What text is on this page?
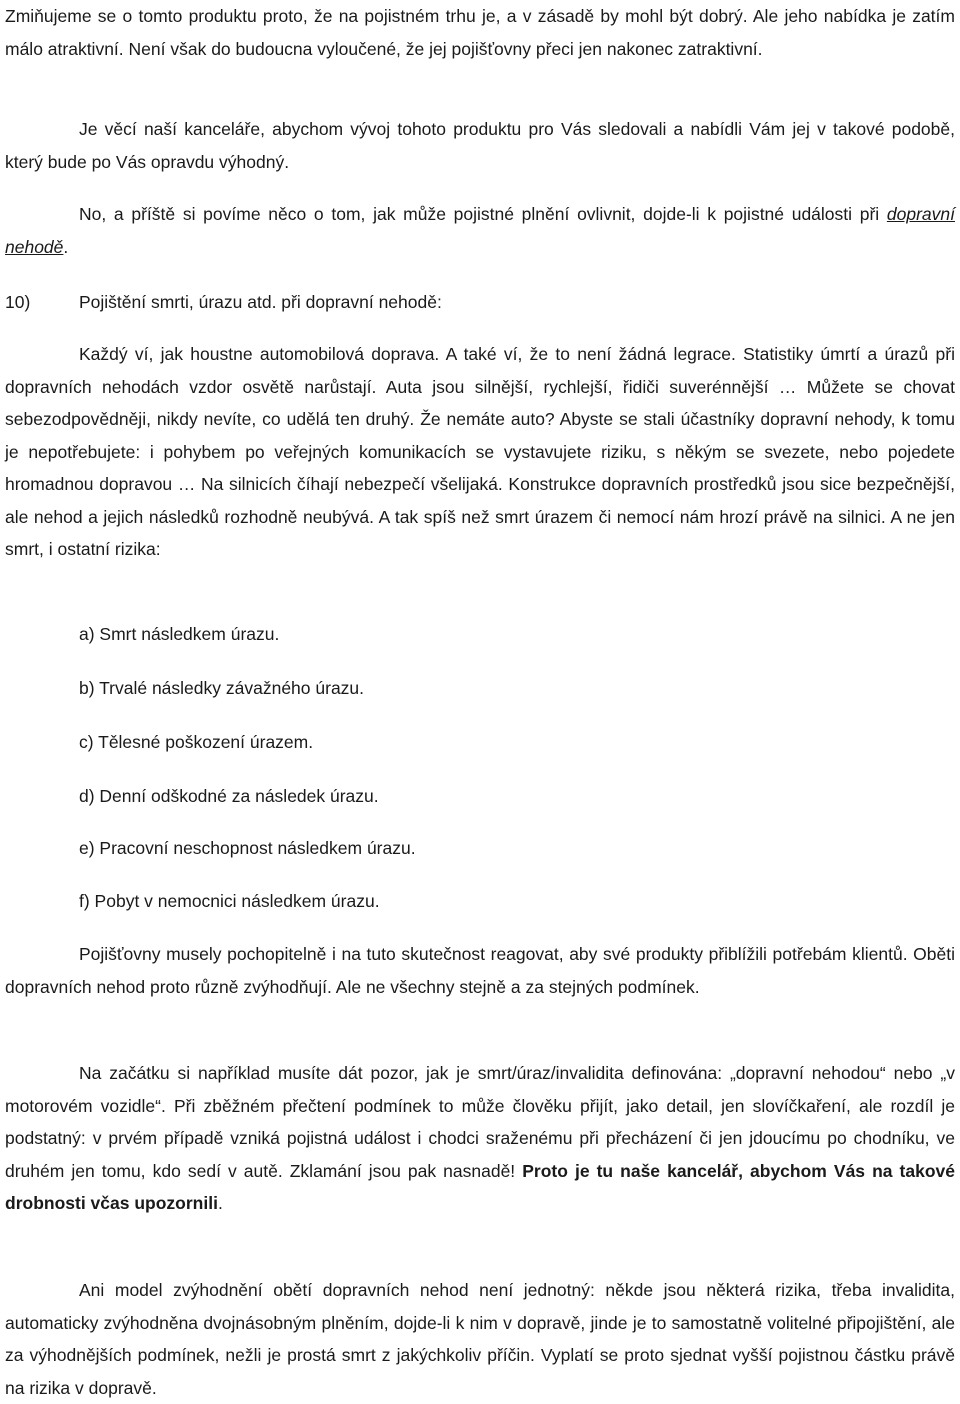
Zmiňujeme se o tomto produktu proto, že na pojistném trhu je, a v zásadě by mohl být dobrý. Ale jeho nabídka je zatím málo atraktivní. Není však do budoucna vyloučené, že jej pojišťovny přeci jen nakonec zatraktivní.

Je věcí naší kanceláře, abychom vývoj tohoto produktu pro Vás sledovali a nabídli Vám jej v takové podobě, který bude po Vás opravdu výhodný.

No, a příště si povíme něco o tom, jak může pojistné plnění ovlivnit, dojde-li k pojistné události při dopravní nehodě.

10)	Pojištění smrti, úrazu atd. při dopravní nehodě:

Každý ví, jak houstne automobilová doprava. A také ví, že to není žádná legrace. Statistiky úmrtí a úrazů při dopravních nehodách vzdor osvětě narůstají. Auta jsou silnější, rychlejší, řidiči suverénnější … Můžete se chovat sebezodpovědněji, nikdy nevíte, co udělá ten druhý. Že nemáte auto? Abyste se stali účastníky dopravní nehody, k tomu je nepotřebujete: i pohybem po veřejných komunikacích se vystavujete riziku, s někým se svezete, nebo pojedete hromadnou dopravou … Na silnicích číhají nebezpečí všelijaká. Konstrukce dopravních prostředků jsou sice bezpečnější, ale nehod a jejich následků rozhodně neubývá. A tak spíš než smrt úrazem či nemocí nám hrozí právě na silnici. A ne jen smrt, i ostatní rizika:

a) Smrt následkem úrazu.
b) Trvalé následky závažného úrazu.
c) Tělesné poškození úrazem.
d) Denní odškodné za následek úrazu.
e) Pracovní neschopnost následkem úrazu.
f) Pobyt v nemocnici následkem úrazu.

Pojišťovny musely pochopitelně i na tuto skutečnost reagovat, aby své produkty přiblížili potřebám klientů. Oběti dopravních nehod proto různě zvýhodňují. Ale ne všechny stejně a za stejných podmínek.

Na začátku si například musíte dát pozor, jak je smrt/úraz/invalidita definována: „dopravní nehodou“ nebo „v motorovém vozidle“. Při zběžném přečtení podmínek to může člověku přijít, jako detail, jen slovíčkaření, ale rozdíl je podstatný: v prvém případě vzniká pojistná událost i chodci sraženému při přecházení či jen jdoucímu po chodníku, ve druhém jen tomu, kdo sedí v autě. Zklamání jsou pak nasnadě! Proto je tu naše kancelář, abychom Vás na takové drobnosti včas upozornili.

Ani model zvýhodnění obětí dopravních nehod není jednotný: někde jsou některá rizika, třeba invalidita, automaticky zvýhodněna dvojnásobným plněním, dojde-li k nim v dopravě, jinde je to samostatně volitelné připojištění, ale za výhodnějších podmínek, nežli je prostá smrt z jakýchkoliv příčin. Vyplatí se proto sjednat vyšší pojistnou částku právě na rizika v dopravě.
